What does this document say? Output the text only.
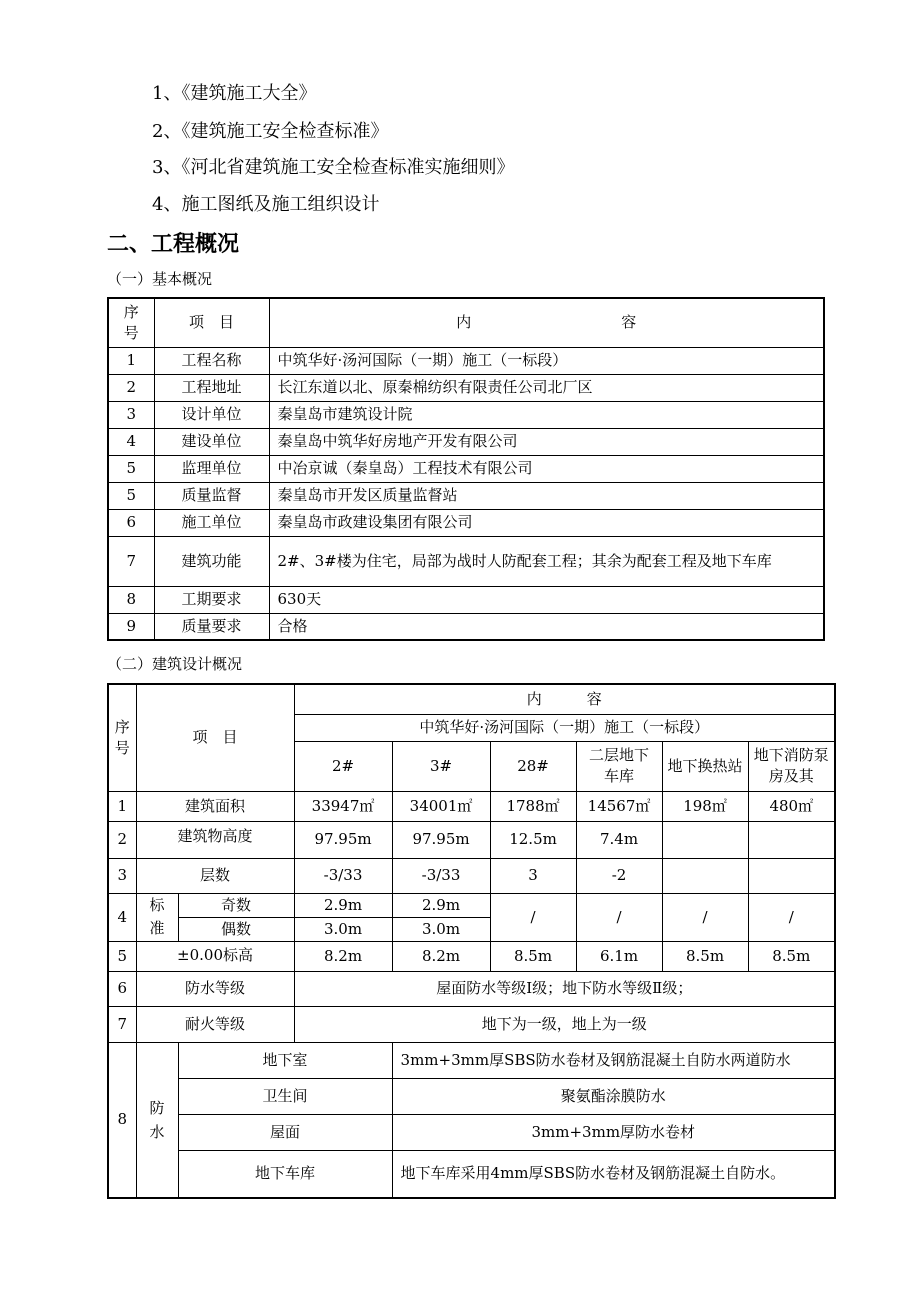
1、《建筑施工大全》
2、《建筑施工安全检查标准》
3、《河北省建筑施工安全检查标准实施细则》
4、施工图纸及施工组织设计
二、工程概况
（一）基本概况
序号	项　目	内 容
1	工程名称	中筑华好·汤河国际（一期）施工（一标段）
2	工程地址	长江东道以北、原秦棉纺织有限责任公司北厂区
3	设计单位	秦皇岛市建筑设计院
4	建设单位	秦皇岛中筑华好房地产开发有限公司
5	监理单位	中冶京诚（秦皇岛）工程技术有限公司
5	质量监督	秦皇岛市开发区质量监督站
6	施工单位	秦皇岛市政建设集团有限公司
7	建筑功能	2#、3#楼为住宅，局部为战时人防配套工程；其余为配套工程及地下车库
8	工期要求	630天
9	质量要求	合格
（二）建筑设计概况
序号	项　目		内　　　容					
			中筑华好·汤河国际（一期）施工（一标段）					
			2#	3#	28#	二层地下车库	地下换热站	地下消防泵房及其

1	建筑面积		33947㎡	34001㎡	1788㎡	14567㎡	198㎡	480㎡
2	建筑物高度		97.95m	97.95m	12.5m	7.4m		
3	层数		-3/33	-3/33	3	-2		
4	标准	奇数	2.9m	2.9m	/	/	/	/
		偶数	3.0m	3.0m				
5	±0.00标高		8.2m	8.2m	8.5m	6.1m	8.5m	8.5m
6	防水等级		屋面防水等级Ⅰ级；地下防水等级Ⅱ级；					
7	耐火等级		地下为一级，地上为一级					
8	防水	地下室		3mm+3mm厚SBS防水卷材及钢筋混凝土自防水两道防水				
		卫生间		聚氨酯涂膜防水				
		屋面		3mm+3mm厚防水卷材				
		地下车库		地下车库采用4mm厚SBS防水卷材及钢筋混凝土自防水。				
